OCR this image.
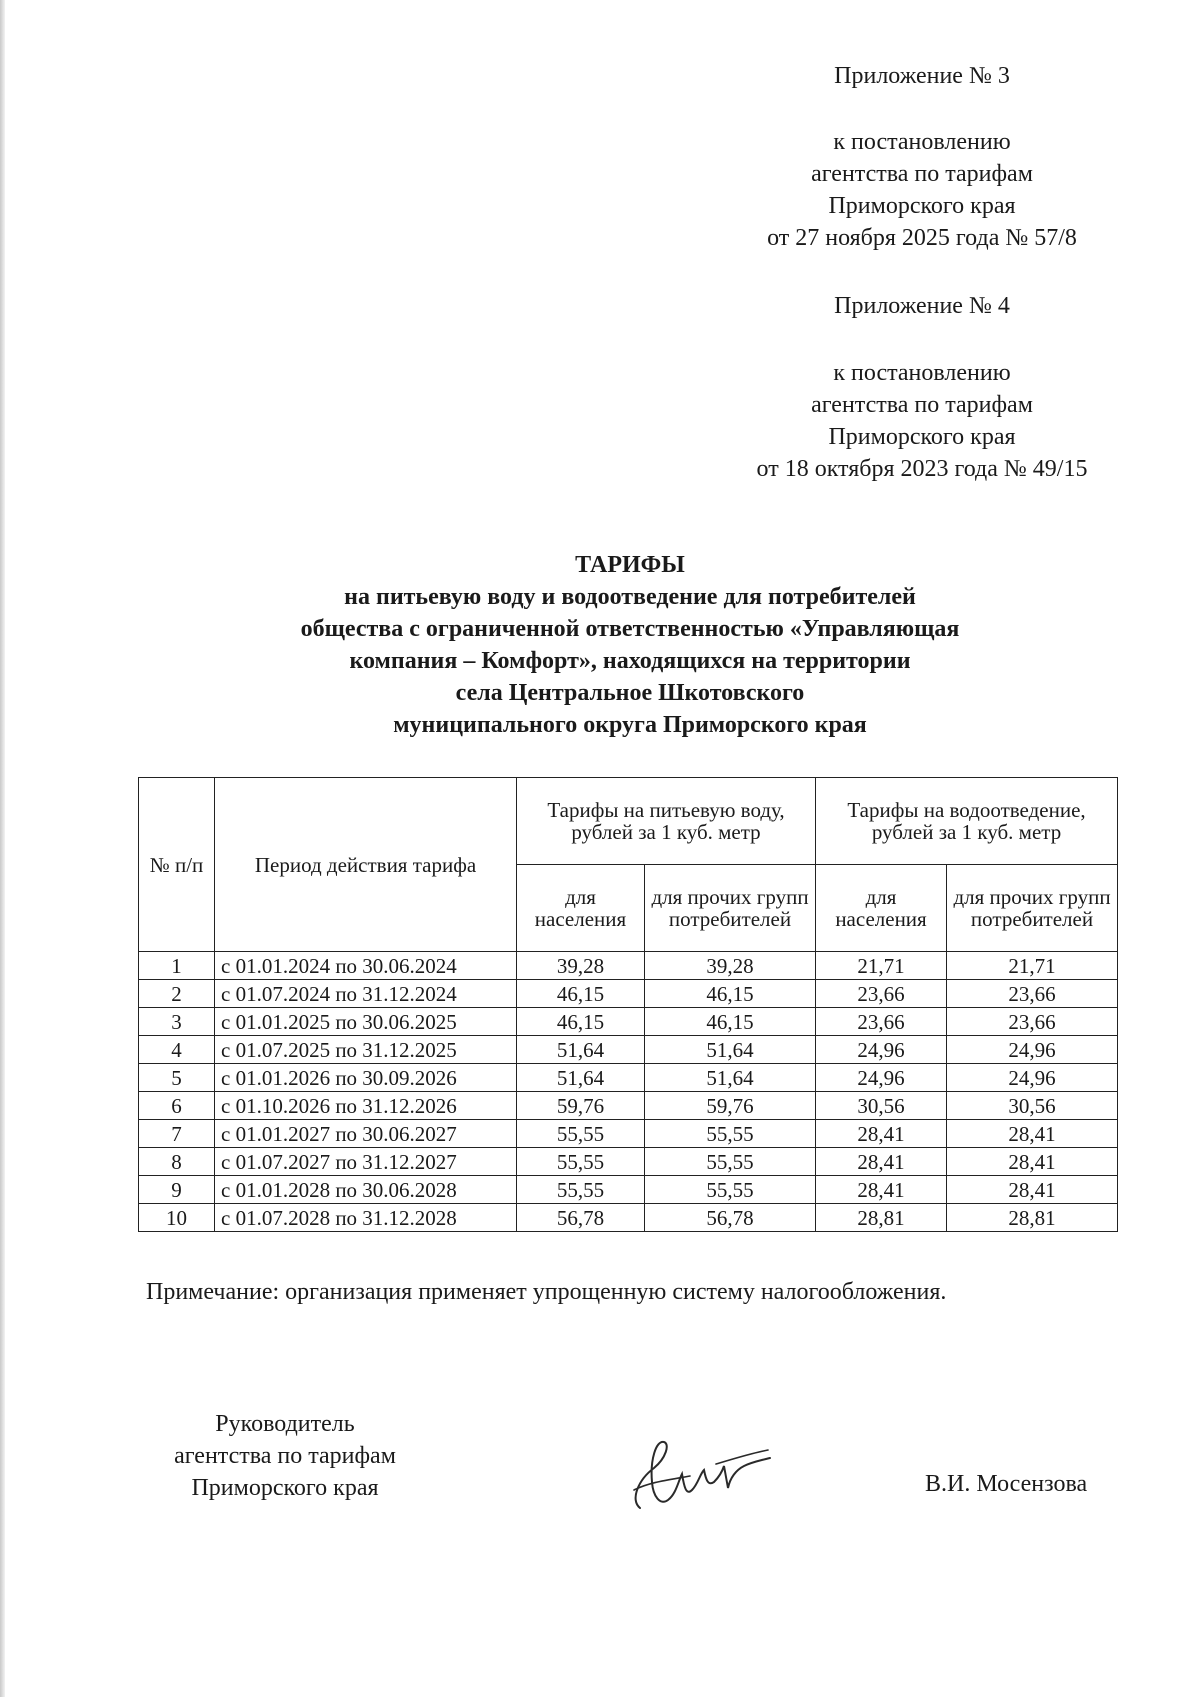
Приложение № 3
к постановлению
агентства по тарифам
Приморского края
от 27 ноября 2025 года № 57/8
Приложение № 4
к постановлению
агентства по тарифам
Приморского края
от 18 октября 2023 года № 49/15
ТАРИФЫ
на питьевую воду и водоотведение для потребителей
общества с ограниченной ответственностью «Управляющая
компания – Комфорт», находящихся на территории
села Центральное Шкотовского
муниципального округа Приморского края
№ п/п	Период действия тарифа	Тарифы на питьевую воду, рублей за 1 куб. метр		Тарифы на водоотведение, рублей за 1 куб. метр	
		для населения	для прочих групп потребителей	для населения	для прочих групп потребителей
1	с 01.01.2024 по 30.06.2024	39,28	39,28	21,71	21,71
2	с 01.07.2024 по 31.12.2024	46,15	46,15	23,66	23,66
3	с 01.01.2025 по 30.06.2025	46,15	46,15	23,66	23,66
4	с 01.07.2025 по 31.12.2025	51,64	51,64	24,96	24,96
5	с 01.01.2026 по 30.09.2026	51,64	51,64	24,96	24,96
6	с 01.10.2026 по 31.12.2026	59,76	59,76	30,56	30,56
7	с 01.01.2027 по 30.06.2027	55,55	55,55	28,41	28,41
8	с 01.07.2027 по 31.12.2027	55,55	55,55	28,41	28,41
9	с 01.01.2028 по 30.06.2028	55,55	55,55	28,41	28,41
10	с 01.07.2028 по 31.12.2028	56,78	56,78	28,81	28,81
Примечание: организация применяет упрощенную систему налогообложения.
Руководитель
агентства по тарифам
Приморского края	В.И. Мосензова
